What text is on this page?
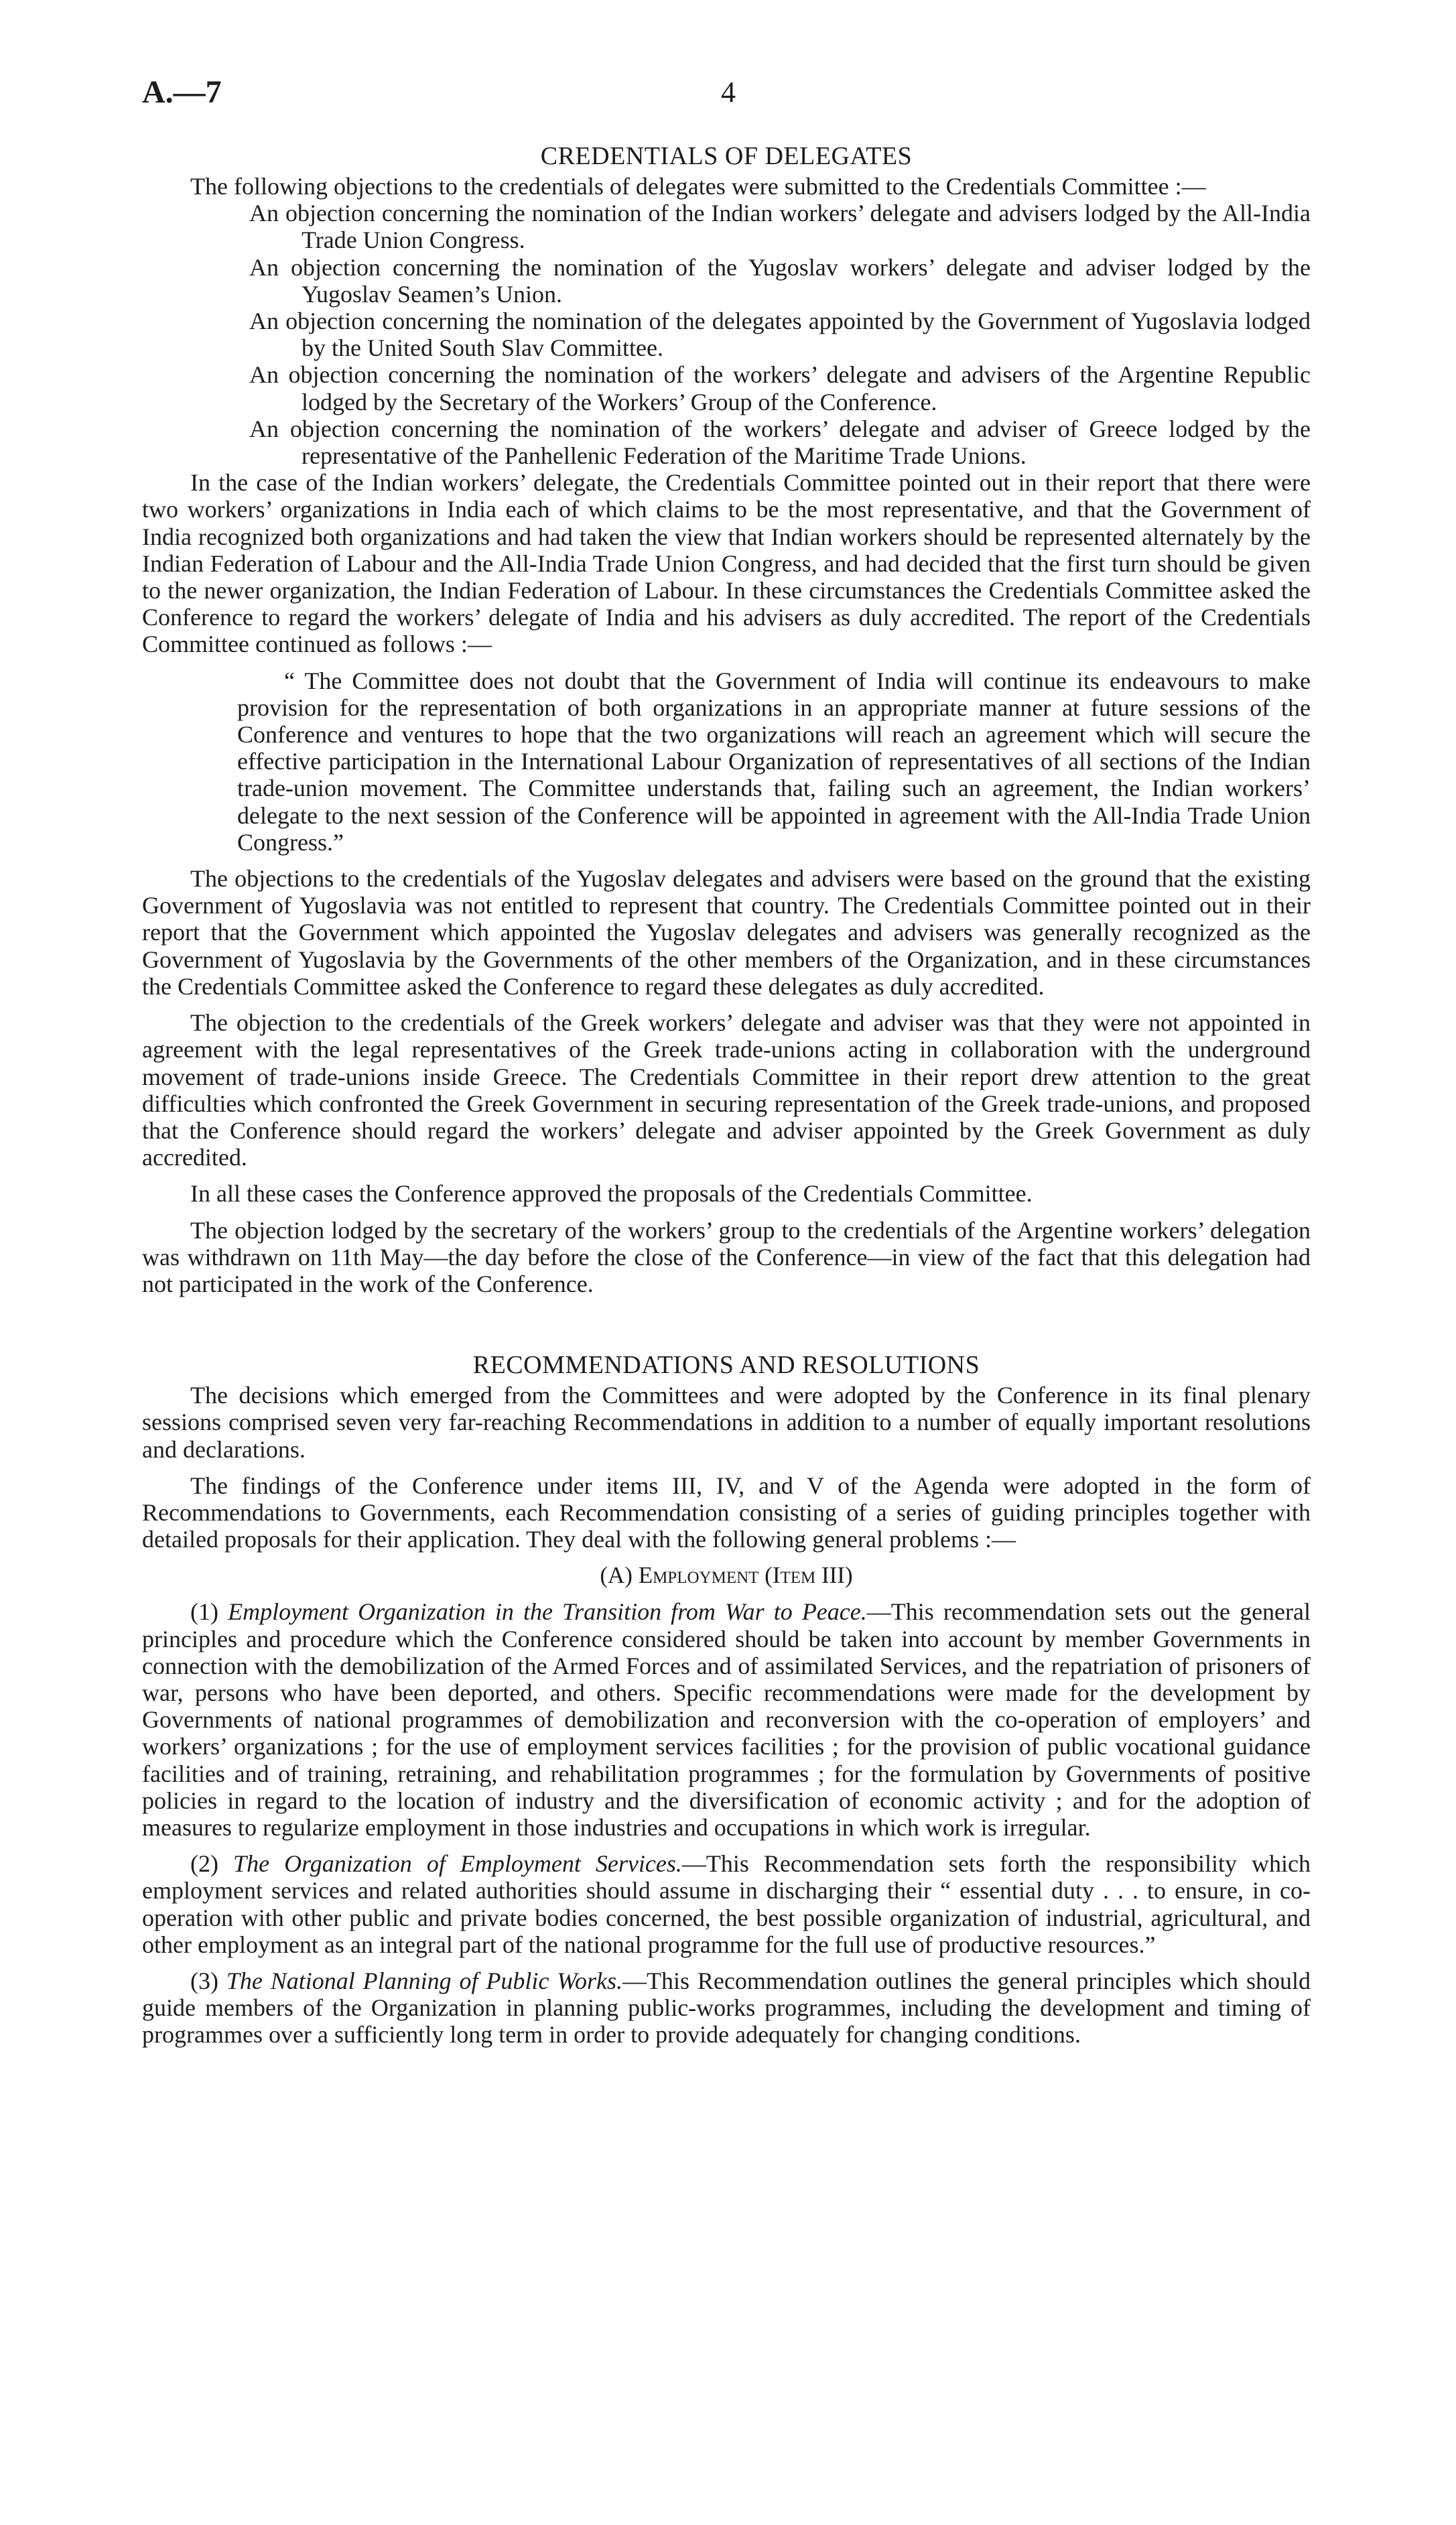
A.—7	4
CREDENTIALS OF DELEGATES

The following objections to the credentials of delegates were submitted to the Credentials Committee :—

An objection concerning the nomination of the Indian workers’ delegate and advisers lodged by the All-India Trade Union Congress.
An objection concerning the nomination of the Yugoslav workers’ delegate and adviser lodged by the Yugoslav Seamen’s Union.
An objection concerning the nomination of the delegates appointed by the Government of Yugoslavia lodged by the United South Slav Committee.
An objection concerning the nomination of the workers’ delegate and advisers of the Argentine Republic lodged by the Secretary of the Workers’ Group of the Conference.
An objection concerning the nomination of the workers’ delegate and adviser of Greece lodged by the representative of the Panhellenic Federation of the Maritime Trade Unions.

In the case of the Indian workers’ delegate, the Credentials Committee pointed out in their report that there were two workers’ organizations in India each of which claims to be the most representative, and that the Government of India recognized both organizations and had taken the view that Indian workers should be represented alternately by the Indian Federation of Labour and the All-India Trade Union Congress, and had decided that the first turn should be given to the newer organization, the Indian Federation of Labour. In these circumstances the Credentials Committee asked the Conference to regard the workers’ delegate of India and his advisers as duly accredited. The report of the Credentials Committee continued as follows :—

“ The Committee does not doubt that the Government of India will continue its endeavours to make provision for the representation of both organizations in an appropriate manner at future sessions of the Conference and ventures to hope that the two organizations will reach an agreement which will secure the effective participation in the International Labour Organization of representatives of all sections of the Indian trade-union movement. The Committee understands that, failing such an agreement, the Indian workers’ delegate to the next session of the Conference will be appointed in agreement with the All-India Trade Union Congress.”

The objections to the credentials of the Yugoslav delegates and advisers were based on the ground that the existing Government of Yugoslavia was not entitled to represent that country. The Credentials Committee pointed out in their report that the Government which appointed the Yugoslav delegates and advisers was generally recognized as the Government of Yugoslavia by the Governments of the other members of the Organization, and in these circumstances the Credentials Committee asked the Conference to regard these delegates as duly accredited.

The objection to the credentials of the Greek workers’ delegate and adviser was that they were not appointed in agreement with the legal representatives of the Greek trade-unions acting in collaboration with the underground movement of trade-unions inside Greece. The Credentials Committee in their report drew attention to the great difficulties which confronted the Greek Government in securing representation of the Greek trade-unions, and proposed that the Conference should regard the workers’ delegate and adviser appointed by the Greek Government as duly accredited.

In all these cases the Conference approved the proposals of the Credentials Committee.

The objection lodged by the secretary of the workers’ group to the credentials of the Argentine workers’ delegation was withdrawn on 11th May—the day before the close of the Conference—in view of the fact that this delegation had not participated in the work of the Conference.

RECOMMENDATIONS AND RESOLUTIONS

The decisions which emerged from the Committees and were adopted by the Conference in its final plenary sessions comprised seven very far-reaching Recommendations in addition to a number of equally important resolutions and declarations.

The findings of the Conference under items III, IV, and V of the Agenda were adopted in the form of Recommendations to Governments, each Recommendation consisting of a series of guiding principles together with detailed proposals for their application. They deal with the following general problems :—

(A) Employment (Item III)

(1) Employment Organization in the Transition from War to Peace.—This recommendation sets out the general principles and procedure which the Conference considered should be taken into account by member Governments in connection with the demobilization of the Armed Forces and of assimilated Services, and the repatriation of prisoners of war, persons who have been deported, and others. Specific recommendations were made for the development by Governments of national programmes of demobilization and reconversion with the co-operation of employers’ and workers’ organizations ; for the use of employment services facilities ; for the provision of public vocational guidance facilities and of training, retraining, and rehabilitation programmes ; for the formulation by Governments of positive policies in regard to the location of industry and the diversification of economic activity ; and for the adoption of measures to regularize employment in those industries and occupations in which work is irregular.

(2) The Organization of Employment Services.—This Recommendation sets forth the responsibility which employment services and related authorities should assume in discharging their “ essential duty . . . to ensure, in co-operation with other public and private bodies concerned, the best possible organization of industrial, agricultural, and other employment as an integral part of the national programme for the full use of productive resources.”

(3) The National Planning of Public Works.—This Recommendation outlines the general principles which should guide members of the Organization in planning public-works programmes, including the development and timing of programmes over a sufficiently long term in order to provide adequately for changing conditions.
